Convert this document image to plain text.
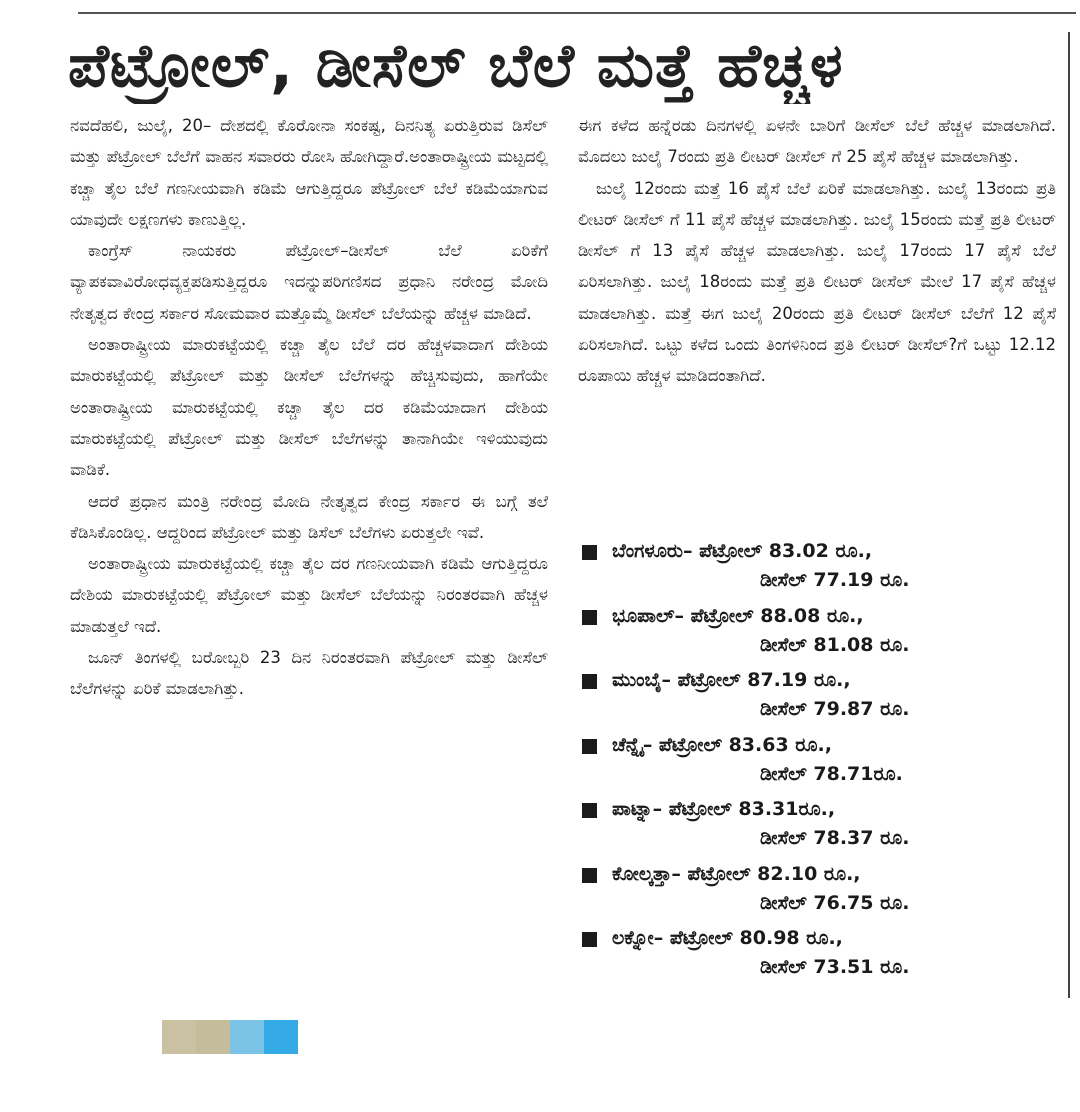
ಪೆಟ್ರೋಲ್, ಡೀಸೆಲ್ ಬೆಲೆ ಮತ್ತೆ ಹೆಚ್ಚಳ

ನವದೆಹಲಿ, ಜುಲೈ, 20– ದೇಶದಲ್ಲಿ ಕೊರೋನಾ ಸಂಕಷ್ಟ, ದಿನನಿತ್ಯ ಏರುತ್ತಿರುವ ಡಿಸೆಲ್ ಮತ್ತು ಪೆಟ್ರೋಲ್ ಬೆಲೆಗೆ ವಾಹನ ಸವಾರರು ರೋಸಿ ಹೋಗಿದ್ದಾರೆ.ಅಂತಾರಾಷ್ಟ್ರೀಯ ಮಟ್ಟದಲ್ಲಿ ಕಚ್ಚಾ ತೈಲ ಬೆಲೆ ಗಣನೀಯವಾಗಿ ಕಡಿಮೆ ಆಗುತ್ತಿದ್ದರೂ ಪೆಟ್ರೋಲ್ ಬೆಲೆ ಕಡಿಮೆಯಾಗುವ ಯಾವುದೇ ಲಕ್ಷಣಗಳು ಕಾಣುತ್ತಿಲ್ಲ.

ಕಾಂಗ್ರೆಸ್ ನಾಯಕರು ಪೆಟ್ರೋಲ್–ಡೀಸೆಲ್ ಬೆಲೆ ಏರಿಕೆಗೆ ವ್ಯಾಪಕವಾವಿರೋಧವ್ಯಕ್ತಪಡಿಸುತ್ತಿದ್ದರೂ ಇದನ್ನುಪರಿಗಣಿಸದ ಪ್ರಧಾನಿ ನರೇಂದ್ರ ಮೋದಿ ನೇತೃತ್ವದ ಕೇಂದ್ರ ಸರ್ಕಾರ ಸೋಮವಾರ ಮತ್ತೊಮ್ಮೆ ಡೀಸೆಲ್ ಬೆಲೆಯನ್ನು ಹೆಚ್ಚಳ ಮಾಡಿದೆ.

ಅಂತಾರಾಷ್ಟ್ರೀಯ ಮಾರುಕಟ್ಟೆಯಲ್ಲಿ ಕಚ್ಚಾ ತೈಲ ಬೆಲೆ ದರ ಹೆಚ್ಚಳವಾದಾಗ ದೇಶಿಯ ಮಾರುಕಟ್ಟೆಯಲ್ಲಿ ಪೆಟ್ರೋಲ್ ಮತ್ತು ಡೀಸೆಲ್ ಬೆಲೆಗಳನ್ನು ಹೆಚ್ಚಿಸುವುದು, ಹಾಗೆಯೇ ಅಂತಾರಾಷ್ಟ್ರೀಯ ಮಾರುಕಟ್ಟೆಯಲ್ಲಿ ಕಚ್ಚಾ ತೈಲ ದರ ಕಡಿಮೆಯಾದಾಗ ದೇಶಿಯ ಮಾರುಕಟ್ಟೆಯಲ್ಲಿ ಪೆಟ್ರೋಲ್ ಮತ್ತು ಡೀಸೆಲ್ ಬೆಲೆಗಳನ್ನು ತಾನಾಗಿಯೇ ಇಳಿಯುವುದು ವಾಡಿಕೆ.

ಆದರೆ ಪ್ರಧಾನ ಮಂತ್ರಿ ನರೇಂದ್ರ ಮೋದಿ ನೇತೃತ್ವದ ಕೇಂದ್ರ ಸರ್ಕಾರ ಈ ಬಗ್ಗೆ ತಲೆ ಕೆಡಿಸಿಕೊಂಡಿಲ್ಲ. ಆದ್ದರಿಂದ ಪೆಟ್ರೋಲ್ ಮತ್ತು ಡಿಸೆಲ್ ಬೆಲೆಗಳು ಏರುತ್ತಲೇ ಇವೆ.

ಅಂತಾರಾಷ್ಟ್ರೀಯ ಮಾರುಕಟ್ಟೆಯಲ್ಲಿ ಕಚ್ಚಾ ತೈಲ ದರ ಗಣನೀಯವಾಗಿ ಕಡಿಮೆ ಆಗುತ್ತಿದ್ದರೂ ದೇಶಿಯ ಮಾರುಕಟ್ಟೆಯಲ್ಲಿ ಪೆಟ್ರೋಲ್ ಮತ್ತು ಡೀಸೆಲ್ ಬೆಲೆಯನ್ನು ನಿರಂತರವಾಗಿ ಹೆಚ್ಚಳ ಮಾಡುತ್ತಲೆ ಇದೆ.

ಜೂನ್ ತಿಂಗಳಲ್ಲಿ ಬರೋಬ್ಬರಿ 23 ದಿನ ನಿರಂತರವಾಗಿ ಪೆಟ್ರೋಲ್ ಮತ್ತು ಡೀಸೆಲ್ ಬೆಲೆಗಳನ್ನು ಏರಿಕೆ ಮಾಡಲಾಗಿತ್ತು.

ಈಗ ಕಳೆದ ಹನ್ನೆರಡು ದಿನಗಳಲ್ಲಿ ಏಳನೇ ಬಾರಿಗೆ ಡೀಸೆಲ್ ಬೆಲೆ ಹೆಚ್ಚಳ ಮಾಡಲಾಗಿದೆ. ಮೊದಲು ಜುಲೈ 7ರಂದು ಪ್ರತಿ ಲೀಟರ್ ಡೀಸೆಲ್ ಗೆ 25 ಪೈಸೆ ಹೆಚ್ಚಳ ಮಾಡಲಾಗಿತ್ತು.

ಜುಲೈ 12ರಂದು ಮತ್ತೆ 16 ಪೈಸೆ ಬೆಲೆ ಏರಿಕೆ ಮಾಡಲಾಗಿತ್ತು. ಜುಲೈ 13ರಂದು ಪ್ರತಿ ಲೀಟರ್ ಡೀಸೆಲ್ ಗೆ 11 ಪೈಸೆ ಹೆಚ್ಚಳ ಮಾಡಲಾಗಿತ್ತು. ಜುಲೈ 15ರಂದು ಮತ್ತೆ ಪ್ರತಿ ಲೀಟರ್ ಡೀಸೆಲ್ ಗೆ 13 ಪೈಸೆ ಹೆಚ್ಚಳ ಮಾಡಲಾಗಿತ್ತು. ಜುಲೈ 17ರಂದು 17 ಪೈಸೆ ಬೆಲೆ ಏರಿಸಲಾಗಿತ್ತು. ಜುಲೈ 18ರಂದು ಮತ್ತೆ ಪ್ರತಿ ಲೀಟರ್ ಡೀಸೆಲ್ ಮೇಲೆ 17 ಪೈಸೆ ಹೆಚ್ಚಳ ಮಾಡಲಾಗಿತ್ತು. ಮತ್ತೆ ಈಗ ಜುಲೈ 20ರಂದು ಪ್ರತಿ ಲೀಟರ್ ಡೀಸೆಲ್ ಬೆಲೆಗೆ 12 ಪೈಸೆ ಏರಿಸಲಾಗಿದೆ. ಒಟ್ಟು ಕಳೆದ ಒಂದು ತಿಂಗಳಿನಿಂದ ಪ್ರತಿ ಲೀಟರ್ ಡೀಸೆಲ್?ಗೆ ಒಟ್ಟು 12.12 ರೂಪಾಯಿ ಹೆಚ್ಚಳ ಮಾಡಿದಂತಾಗಿದೆ.

ಬೆಂಗಳೂರು– ಪೆಟ್ರೋಲ್ 83.02 ರೂ.,
ಡೀಸೆಲ್ 77.19 ರೂ.
ಭೂಪಾಲ್– ಪೆಟ್ರೋಲ್ 88.08 ರೂ.,
ಡೀಸೆಲ್ 81.08 ರೂ.
ಮುಂಬೈ– ಪೆಟ್ರೋಲ್ 87.19 ರೂ.,
ಡೀಸೆಲ್ 79.87 ರೂ.
ಚೆನ್ನೈ– ಪೆಟ್ರೋಲ್ 83.63 ರೂ.,
ಡೀಸೆಲ್ 78.71ರೂ.
ಪಾಟ್ನಾ– ಪೆಟ್ರೋಲ್ 83.31ರೂ.,
ಡೀಸೆಲ್ 78.37 ರೂ.
ಕೋಲ್ಕತ್ತಾ– ಪೆಟ್ರೋಲ್ 82.10 ರೂ.,
ಡೀಸೆಲ್ 76.75 ರೂ.
ಲಕ್ನೋ– ಪೆಟ್ರೋಲ್ 80.98 ರೂ.,
ಡೀಸೆಲ್ 73.51 ರೂ.
